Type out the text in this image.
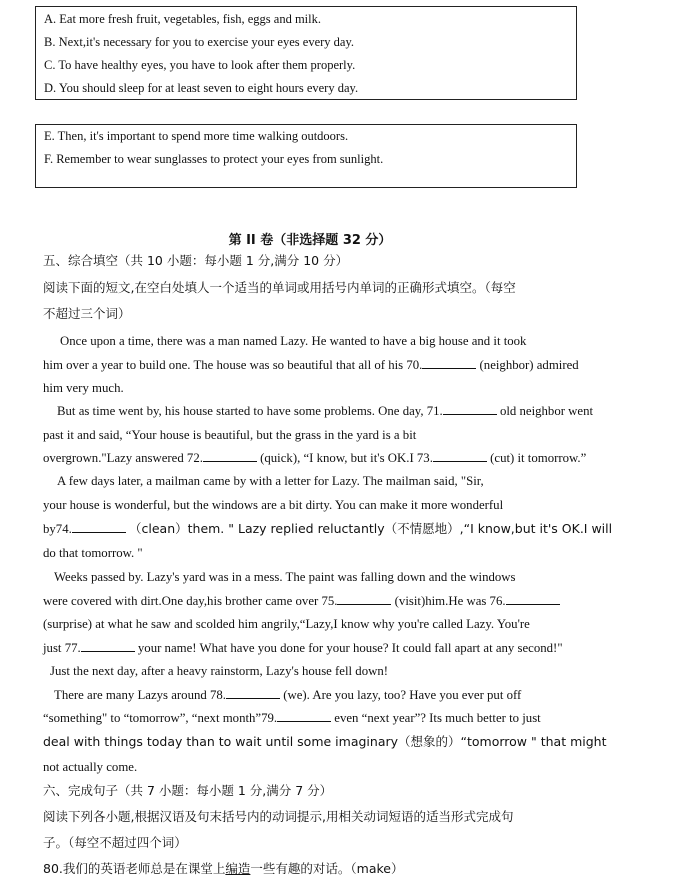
A. Eat more fresh fruit, vegetables, fish, eggs and milk.
B. Next,it's necessary for you to exercise your eyes every day.
C. To have healthy eyes, you have to look after them properly.
D. You should sleep for at least seven to eight hours every day.
E. Then, it's important to spend more time walking outdoors.
F. Remember to wear sunglasses to protect your eyes from sunlight.
第 II 卷（非选择题 32 分）
五、综合填空（共 10 小题：每小题 1 分,满分 10 分）
阅读下面的短文,在空白处填人一个适当的单词或用括号内单词的正确形式填空。（每空
不超过三个词）
Once upon a time, there was a man named Lazy. He wanted to have a big house and it took
him over a year to build one. The house was so beautiful that all of his 70.	(neighbor) admired
him very much.
But as time went by, his house started to have some problems. One day, 71.	old neighbor went
past it and said, “Your house is beautiful, but the grass in the yard is a bit
overgrown."Lazy answered 72.	(quick), “I know, but it's OK.I 73.	(cut) it tomorrow.”
A few days later, a mailman came by with a letter for Lazy. The mailman said, "Sir,
your house is wonderful, but the windows are a bit dirty. You can make it more wonderful
by74.	（clean）them. " Lazy replied reluctantly（不情愿地）,“I know,but it's OK.I will
do that tomorrow. "
Weeks passed by. Lazy's yard was in a mess. The paint was falling down and the windows
were covered with dirt.One day,his brother came over 75.	(visit)him.He was 76.
(surprise) at what he saw and scolded him angrily,“Lazy,I know why you're called Lazy. You're
just 77.	your name! What have you done for your house? It could fall apart at any second!"
Just the next day, after a heavy rainstorm, Lazy's house fell down!
There are many Lazys around 78.	(we). Are you lazy, too? Have you ever put off
“something" to “tomorrow”, “next month”79.	even “next year”? Its much better to just
deal with things today than to wait until some imaginary（想象的）“tomorrow " that might
not actually come.
六、完成句子（共 7 小题：每小题 1 分,满分 7 分）
阅读下列各小题,根据汉语及句末括号内的动词提示,用相关动词短语的适当形式完成句
子。（每空不超过四个词）
80.我们的英语老师总是在课堂上编造一些有趣的对话。（make）
